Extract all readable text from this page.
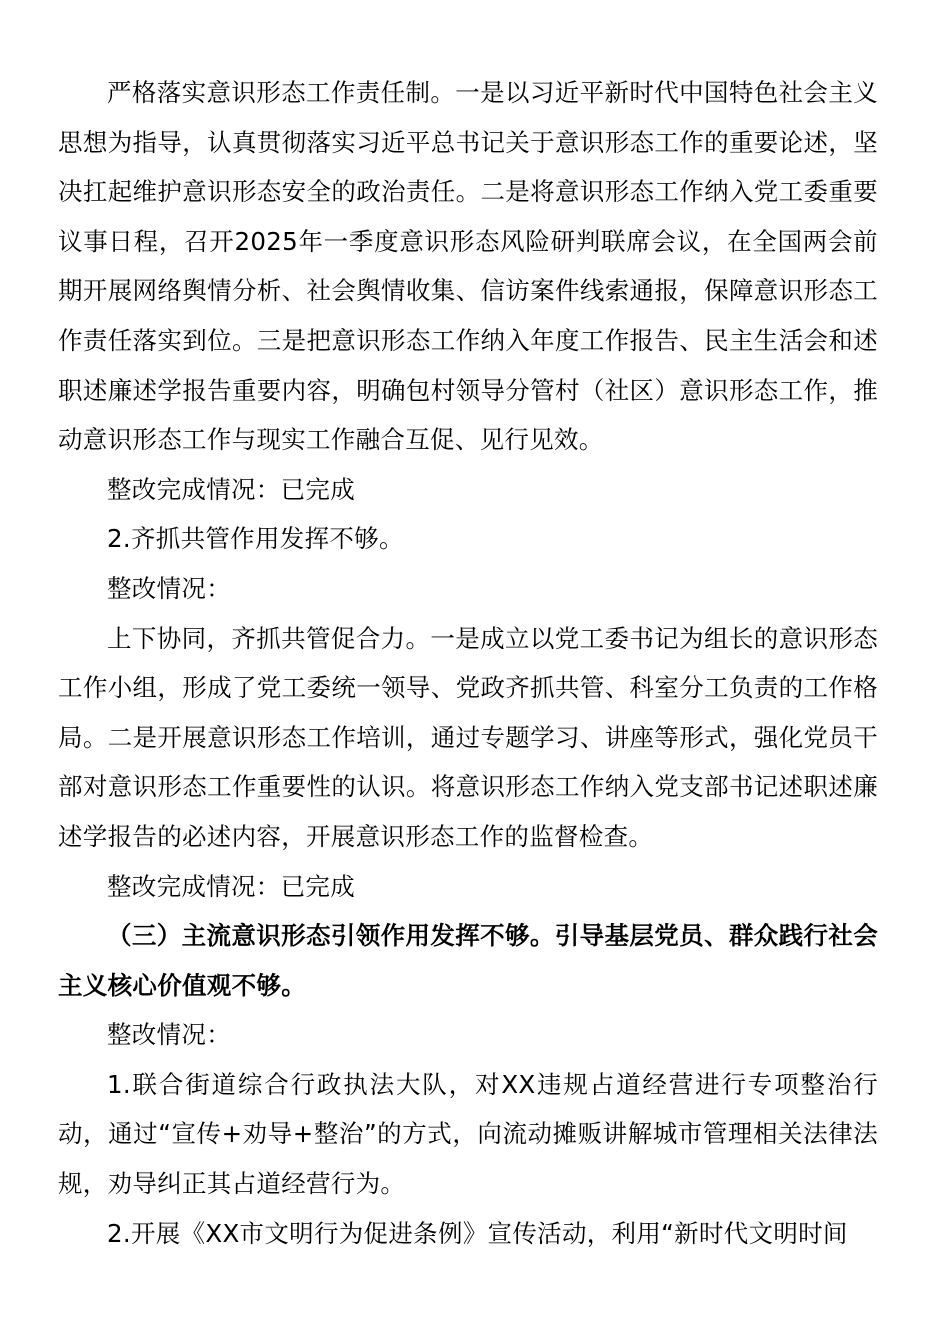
严格落实意识形态工作责任制。一是以习近平新时代中国特色社会主义思想为指导，认真贯彻落实习近平总书记关于意识形态工作的重要论述，坚决扛起维护意识形态安全的政治责任。二是将意识形态工作纳入党工委重要议事日程，召开2025年一季度意识形态风险研判联席会议，在全国两会前期开展网络舆情分析、社会舆情收集、信访案件线索通报，保障意识形态工作责任落实到位。三是把意识形态工作纳入年度工作报告、民主生活会和述职述廉述学报告重要内容，明确包村领导分管村（社区）意识形态工作，推动意识形态工作与现实工作融合互促、见行见效。

整改完成情况：已完成

2.齐抓共管作用发挥不够。

整改情况：

上下协同，齐抓共管促合力。一是成立以党工委书记为组长的意识形态工作小组，形成了党工委统一领导、党政齐抓共管、科室分工负责的工作格局。二是开展意识形态工作培训，通过专题学习、讲座等形式，强化党员干部对意识形态工作重要性的认识。将意识形态工作纳入党支部书记述职述廉述学报告的必述内容，开展意识形态工作的监督检查。

整改完成情况：已完成

（三）主流意识形态引领作用发挥不够。引导基层党员、群众践行社会主义核心价值观不够。

整改情况：

1.联合街道综合行政执法大队，对XX违规占道经营进行专项整治行动，通过“宣传+劝导+整治”的方式，向流动摊贩讲解城市管理相关法律法规，劝导纠正其占道经营行为。

2.开展《XX市文明行为促进条例》宣传活动，利用“新时代文明时间
